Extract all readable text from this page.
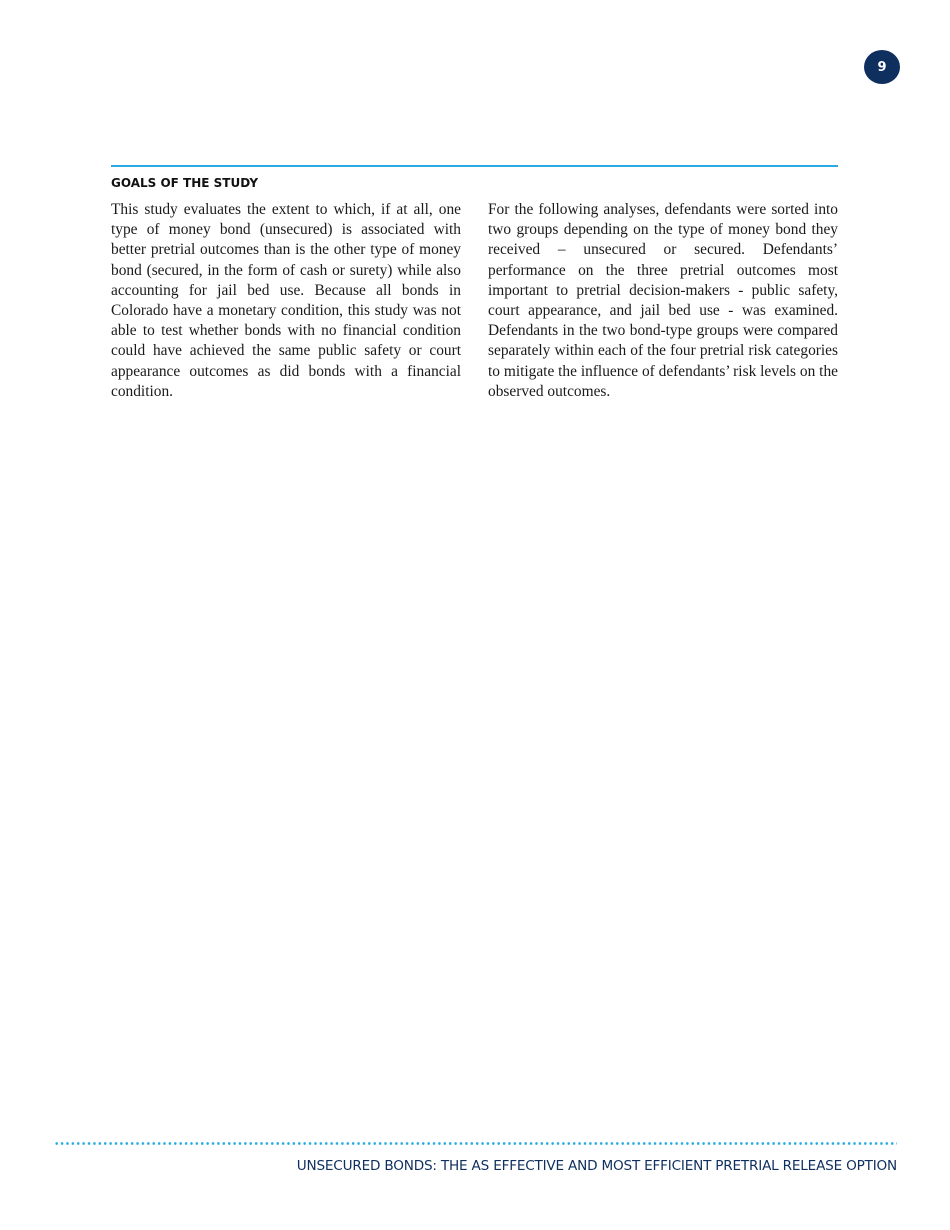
9
GOALS OF THE STUDY

This study evaluates the extent to which, if at all, one type of money bond (unsecured) is associated with better pretrial outcomes than is the other type of money bond (secured, in the form of cash or surety) while also accounting for jail bed use. Because all bonds in Colorado have a monetary condition, this study was not able to test whether bonds with no financial condition could have achieved the same public safety or court appearance outcomes as did bonds with a financial condition.

For the following analyses, defendants were sorted into two groups depending on the type of money bond they received – unsecured or secured. Defendants’ performance on the three pretrial outcomes most important to pretrial decision-makers - public safety, court appearance, and jail bed use - was examined. Defendants in the two bond-type groups were compared separately within each of the four pretrial risk categories to mitigate the influence of defendants’ risk levels on the observed outcomes.

UNSECURED BONDS: THE AS EFFECTIVE AND MOST EFFICIENT PRETRIAL RELEASE OPTION
